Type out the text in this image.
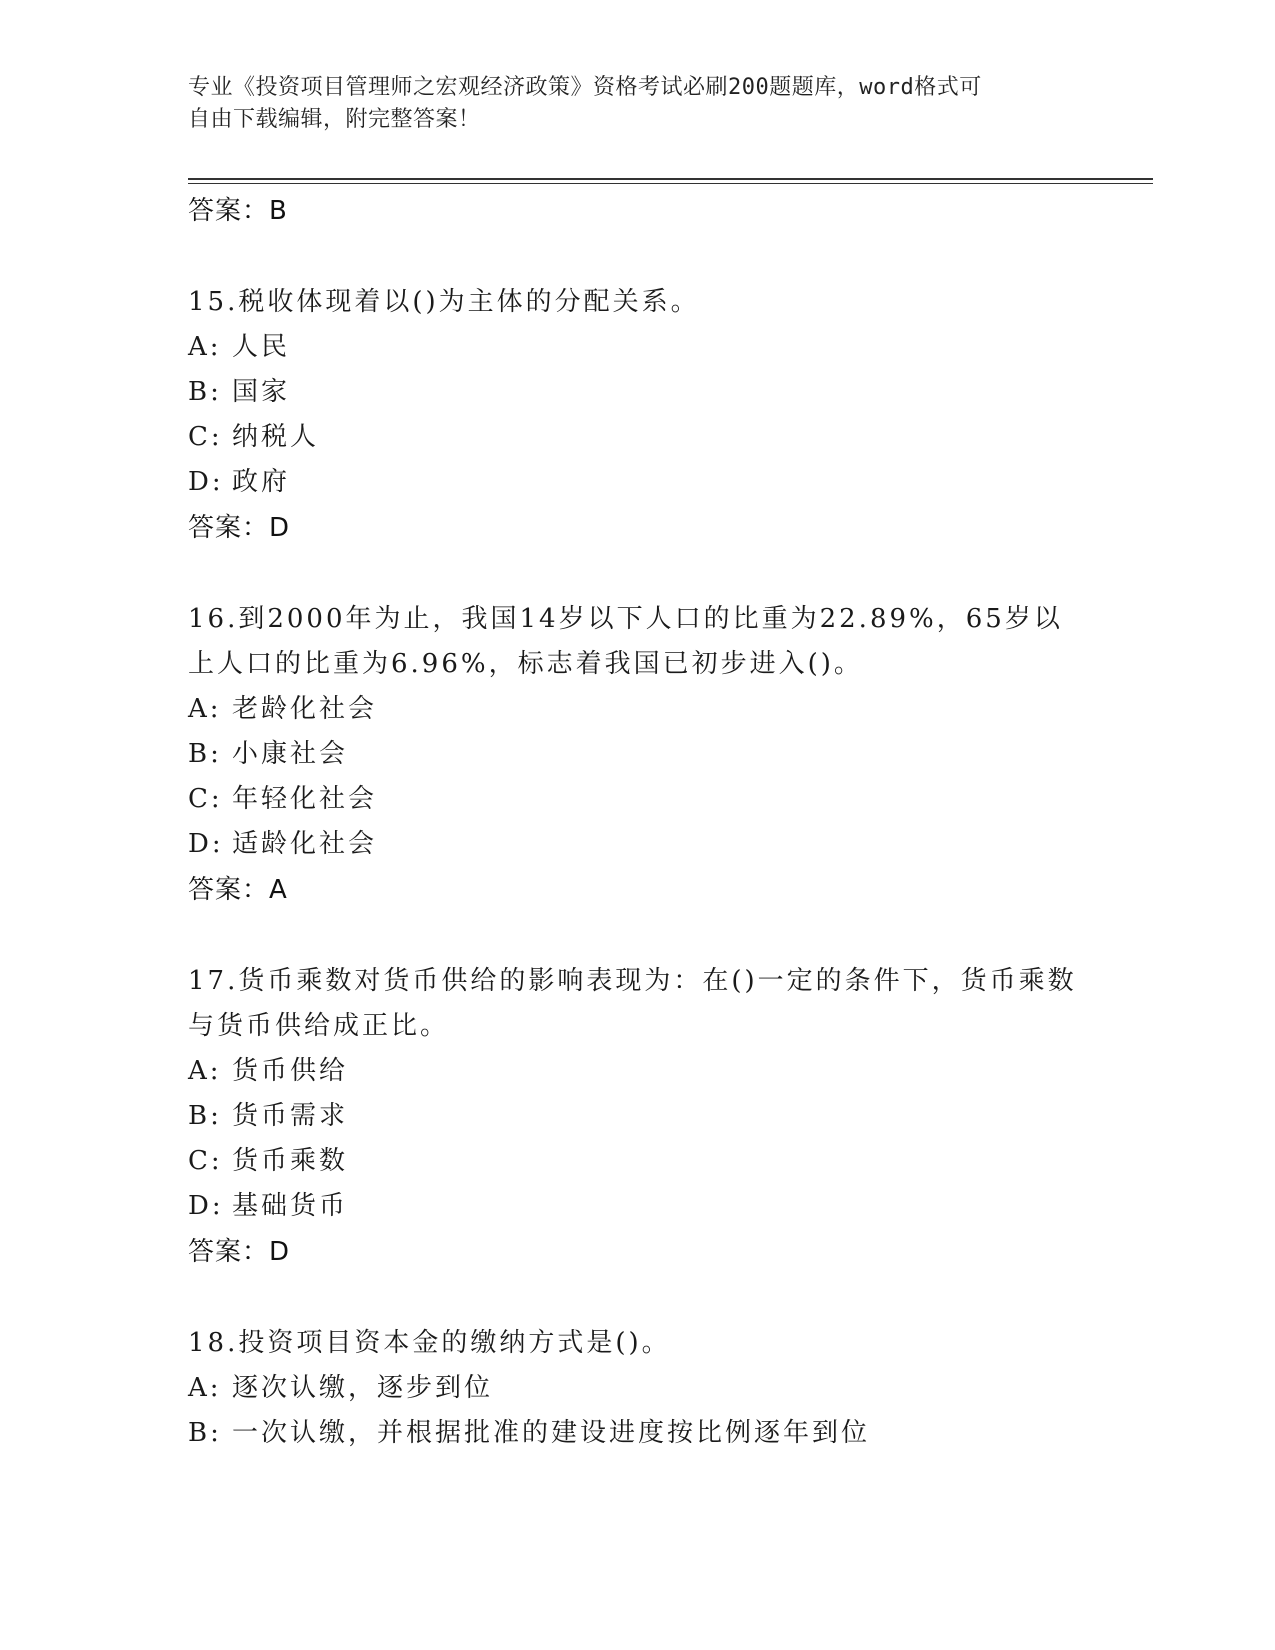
专业《投资项目管理师之宏观经济政策》资格考试必刷200题题库，word格式可
自由下载编辑，附完整答案！
答案：B
15.税收体现着以()为主体的分配关系。
A: 人民
B: 国家
C: 纳税人
D: 政府
答案：D
16.到2000年为止，我国14岁以下人口的比重为22.89%，65岁以上人口的比重为6.96%，标志着我国已初步进入()。
A: 老龄化社会
B: 小康社会
C: 年轻化社会
D: 适龄化社会
答案：A
17.货币乘数对货币供给的影响表现为：在()一定的条件下，货币乘数与货币供给成正比。
A: 货币供给
B: 货币需求
C: 货币乘数
D: 基础货币
答案：D
18.投资项目资本金的缴纳方式是()。
A: 逐次认缴，逐步到位
B: 一次认缴，并根据批准的建设进度按比例逐年到位
